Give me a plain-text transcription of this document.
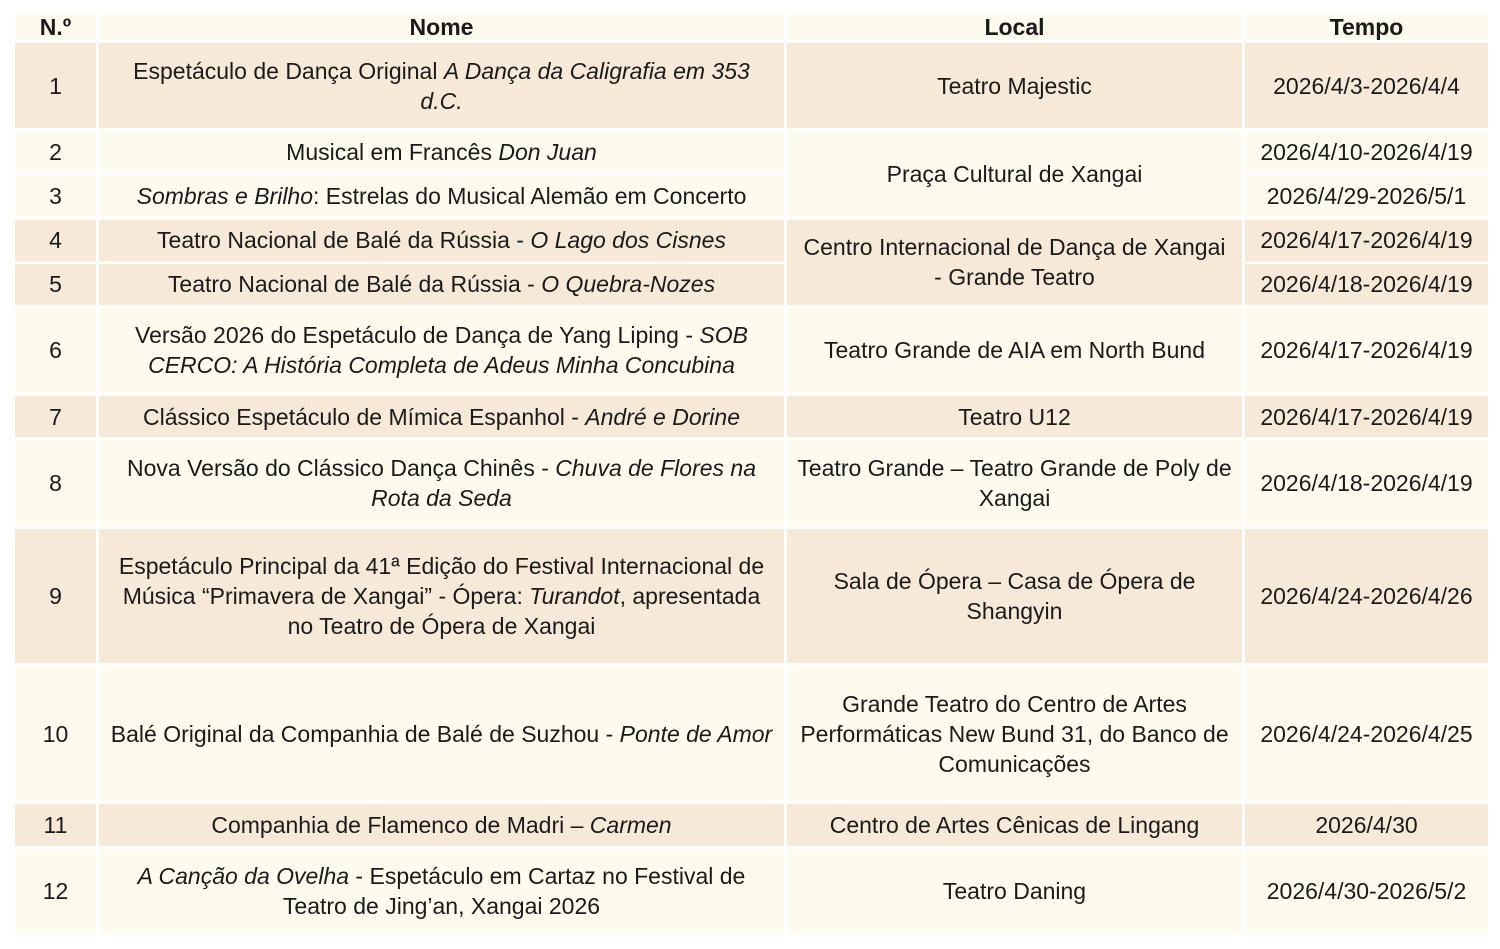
N.º	Nome	Local	Tempo
1	Espetáculo de Dança Original A Dança da Caligrafia em 353 d.C.	Teatro Majestic	2026/4/3-2026/4/4
2	Musical em Francês Don Juan	Praça Cultural de Xangai	2026/4/10-2026/4/19
3	Sombras e Brilho: Estrelas do Musical Alemão em Concerto		2026/4/29-2026/5/1
4	Teatro Nacional de Balé da Rússia - O Lago dos Cisnes	Centro Internacional de Dança de Xangai - Grande Teatro	2026/4/17-2026/4/19
5	Teatro Nacional de Balé da Rússia - O Quebra-Nozes		2026/4/18-2026/4/19
6	Versão 2026 do Espetáculo de Dança de Yang Liping - SOB CERCO: A História Completa de Adeus Minha Concubina	Teatro Grande de AIA em North Bund	2026/4/17-2026/4/19
7	Clássico Espetáculo de Mímica Espanhol - André e Dorine	Teatro U12	2026/4/17-2026/4/19
8	Nova Versão do Clássico Dança Chinês - Chuva de Flores na Rota da Seda	Teatro Grande – Teatro Grande de Poly de Xangai	2026/4/18-2026/4/19
9	Espetáculo Principal da 41ª Edição do Festival Internacional de Música “Primavera de Xangai” - Ópera: Turandot, apresentada no Teatro de Ópera de Xangai	Sala de Ópera – Casa de Ópera de Shangyin	2026/4/24-2026/4/26
10	Balé Original da Companhia de Balé de Suzhou - Ponte de Amor	Grande Teatro do Centro de Artes Performáticas New Bund 31, do Banco de Comunicações	2026/4/24-2026/4/25
11	Companhia de Flamenco de Madri – Carmen	Centro de Artes Cênicas de Lingang	2026/4/30
12	A Canção da Ovelha - Espetáculo em Cartaz no Festival de Teatro de Jing’an, Xangai 2026	Teatro Daning	2026/4/30-2026/5/2
